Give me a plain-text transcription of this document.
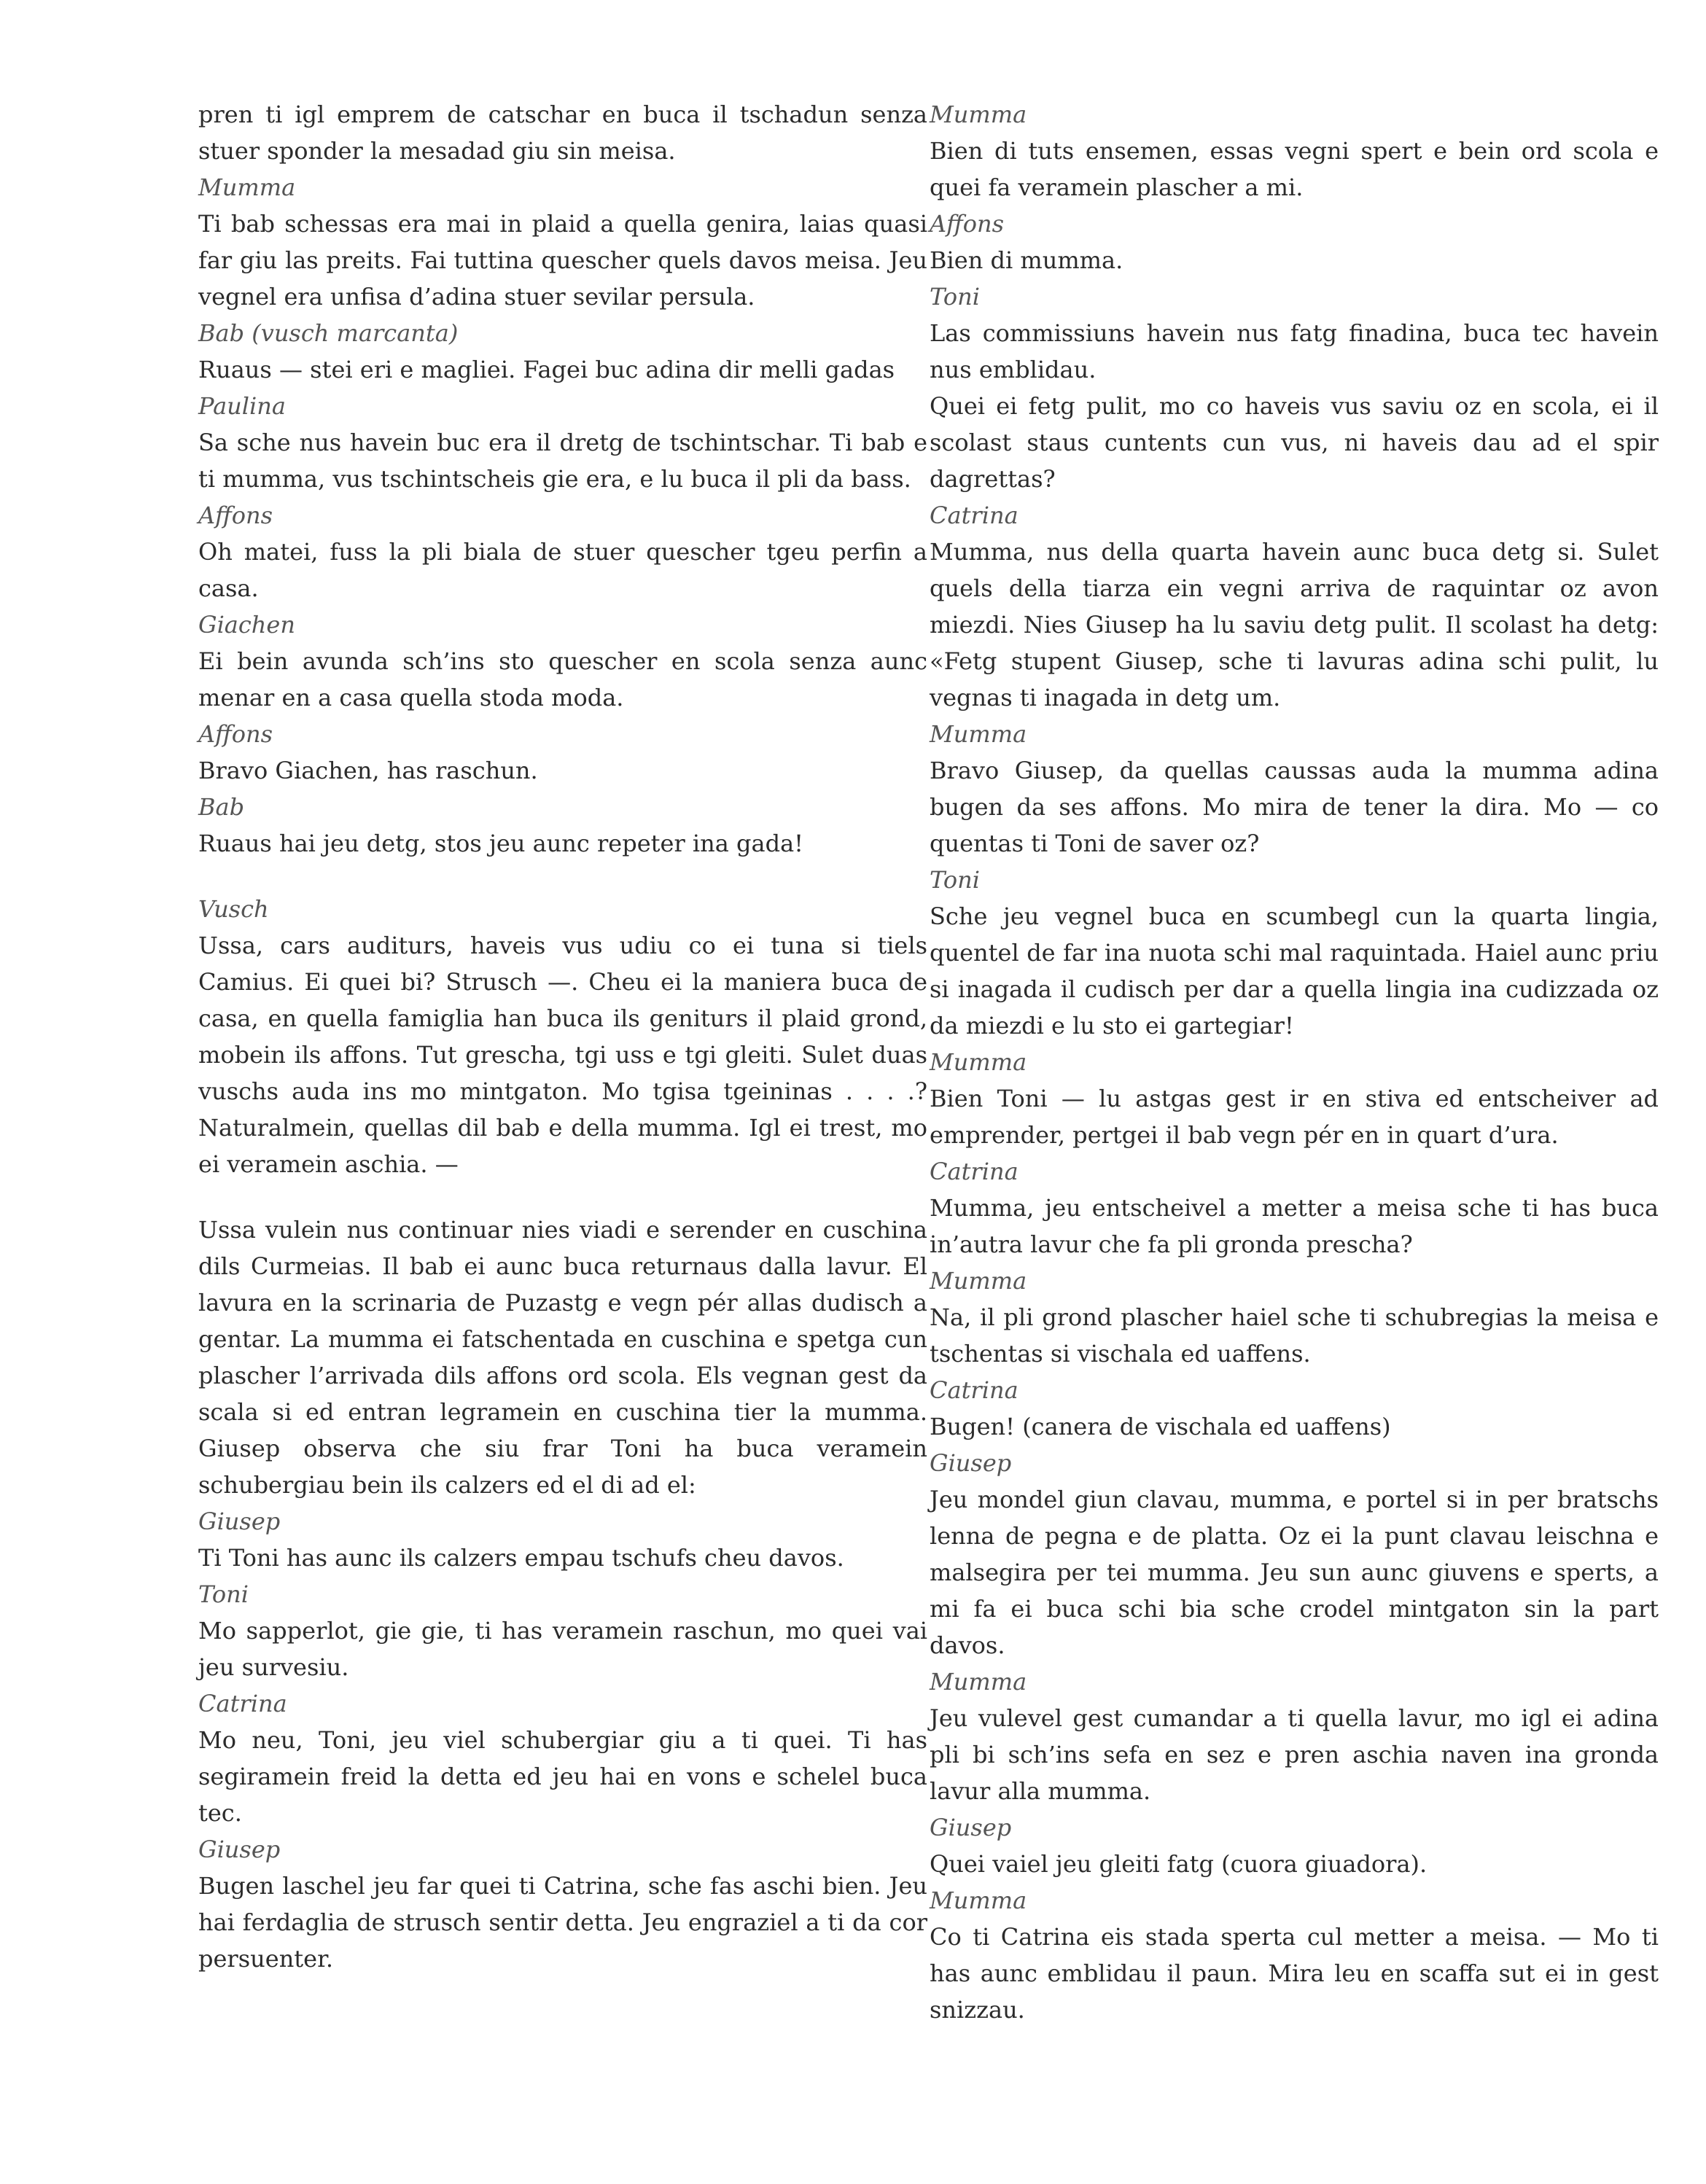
pren ti igl emprem de catschar en buca il tschadun senza stuer sponder la mesadad giu sin meisa.
Mumma
Ti bab schessas era mai in plaid a quella genira, laias quasi far giu las preits. Fai tuttina quescher quels davos meisa. Jeu vegnel era unfisa d’adina stuer sevilar persula.
Bab (vusch marcanta)
Ruaus — stei eri e magliei. Fagei buc adina dir melli gadas
Paulina
Sa sche nus havein buc era il dretg de tschintschar. Ti bab e ti mumma, vus tschintscheis gie era, e lu buca il pli da bass.
Affons
Oh matei, fuss la pli biala de stuer quescher tgeu perfin a casa.
Giachen
Ei bein avunda sch’ins sto quescher en scola senza aunc menar en a casa quella stoda moda.
Affons
Bravo Giachen, has raschun.
Bab
Ruaus hai jeu detg, stos jeu aunc repeter ina gada!
Vusch
Ussa, cars auditurs, haveis vus udiu co ei tuna si tiels Camius. Ei quei bi? Strusch —. Cheu ei la maniera buca de casa, en quella famiglia han buca ils geniturs il plaid grond, mobein ils affons. Tut grescha, tgi uss e tgi gleiti. Sulet duas vuschs auda ins mo mintgaton. Mo tgisa tgeininas . . . .? Naturalmein, quellas dil bab e della mumma. Igl ei trest, mo ei veramein aschia. —
Ussa vulein nus continuar nies viadi e serender en cuschina dils Curmeias. Il bab ei aunc buca returnaus dalla lavur. El lavura en la scrinaria de Puzastg e vegn pér allas dudisch a gentar. La mumma ei fatschentada en cuschina e spetga cun plascher l’arrivada dils affons ord scola. Els vegnan gest da scala si ed entran legramein en cuschina tier la mumma. Giusep observa che siu frar Toni ha buca veramein schubergiau bein ils calzers ed el di ad el:
Giusep
Ti Toni has aunc ils calzers empau tschufs cheu davos.
Toni
Mo sapperlot, gie gie, ti has veramein raschun, mo quei vai jeu survesiu.
Catrina
Mo neu, Toni, jeu viel schubergiar giu a ti quei. Ti has segiramein freid la detta ed jeu hai en vons e schelel buca tec.
Giusep
Bugen laschel jeu far quei ti Catrina, sche fas aschi bien. Jeu hai ferdaglia de strusch sentir detta. Jeu engraziel a ti da cor persuenter.
Mumma
Bien di tuts ensemen, essas vegni spert e bein ord scola e quei fa veramein plascher a mi.
Affons
Bien di mumma.
Toni
Las commissiuns havein nus fatg finadina, buca tec havein nus emblidau.
Quei ei fetg pulit, mo co haveis vus saviu oz en scola, ei il scolast staus cuntents cun vus, ni haveis dau ad el spir dagrettas?
Catrina
Mumma, nus della quarta havein aunc buca detg si. Sulet quels della tiarza ein vegni arriva de raquintar oz avon miezdi. Nies Giusep ha lu saviu detg pulit. Il scolast ha detg: «Fetg stupent Giusep, sche ti lavuras adina schi pulit, lu vegnas ti inagada in detg um.
Mumma
Bravo Giusep, da quellas caussas auda la mumma adina bugen da ses affons. Mo mira de tener la dira. Mo — co quentas ti Toni de saver oz?
Toni
Sche jeu vegnel buca en scumbegl cun la quarta lingia, quentel de far ina nuota schi mal raquintada. Haiel aunc priu si inagada il cudisch per dar a quella lingia ina cudizzada oz da miezdi e lu sto ei gartegiar!
Mumma
Bien Toni — lu astgas gest ir en stiva ed entscheiver ad emprender, pertgei il bab vegn pér en in quart d’ura.
Catrina
Mumma, jeu entscheivel a metter a meisa sche ti has buca in’autra lavur che fa pli gronda prescha?
Mumma
Na, il pli grond plascher haiel sche ti schubregias la meisa e tschentas si vischala ed uaffens.
Catrina
Bugen! (canera de vischala ed uaffens)
Giusep
Jeu mondel giun clavau, mumma, e portel si in per bratschs lenna de pegna e de platta. Oz ei la punt clavau leischna e malsegira per tei mumma. Jeu sun aunc giuvens e sperts, a mi fa ei buca schi bia sche crodel mintgaton sin la part davos.
Mumma
Jeu vulevel gest cumandar a ti quella lavur, mo igl ei adina pli bi sch’ins sefa en sez e pren aschia naven ina gronda lavur alla mumma.
Giusep
Quei vaiel jeu gleiti fatg (cuora giuadora).
Mumma
Co ti Catrina eis stada sperta cul metter a meisa. — Mo ti has aunc emblidau il paun. Mira leu en scaffa sut ei in gest snizzau.
